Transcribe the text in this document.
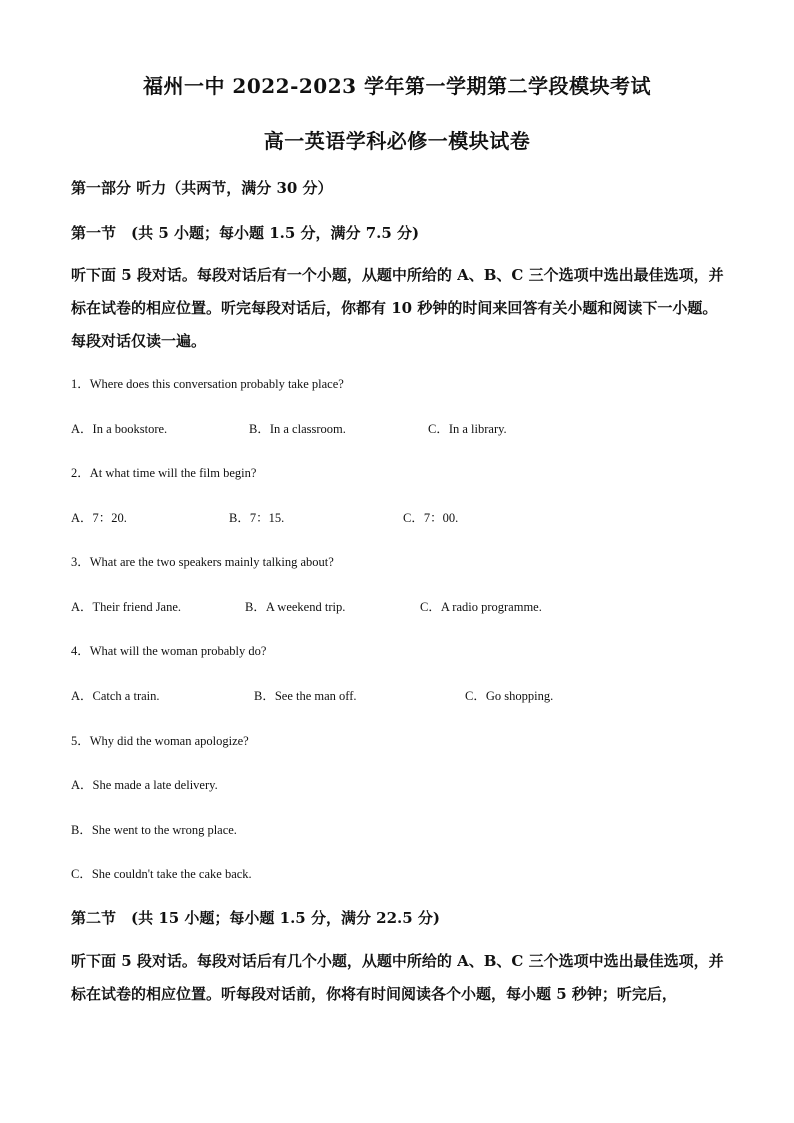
福州一中 2022-2023 学年第一学期第二学段模块考试
高一英语学科必修一模块试卷
第一部分 听力（共两节，满分 30 分）
第一节　(共 5 小题；每小题 1.5 分，满分 7.5 分)
听下面 5 段对话。每段对话后有一个小题，从题中所给的 A、B、C 三个选项中选出最佳选项，并标在试卷的相应位置。听完每段对话后，你都有 10 秒钟的时间来回答有关小题和阅读下一小题。每段对话仅读一遍。
1．Where does this conversation probably take place?
A．In a bookstore.	B．In a classroom.	C．In a library.
2．At what time will the film begin?
A．7：20.	B．7：15.	C．7：00.
3．What are the two speakers mainly talking about?
A．Their friend Jane.	B．A weekend trip.	C．A radio programme.
4．What will the woman probably do?
A．Catch a train.	B．See the man off.	C．Go shopping.
5．Why did the woman apologize?
A．She made a late delivery.
B．She went to the wrong place.
C．She couldn't take the cake back.
第二节　(共 15 小题；每小题 1.5 分，满分 22.5 分)
听下面 5 段对话。每段对话后有几个小题，从题中所给的 A、B、C 三个选项中选出最佳选项，并标在试卷的相应位置。听每段对话前，你将有时间阅读各个小题，每小题 5 秒钟；听完后，
